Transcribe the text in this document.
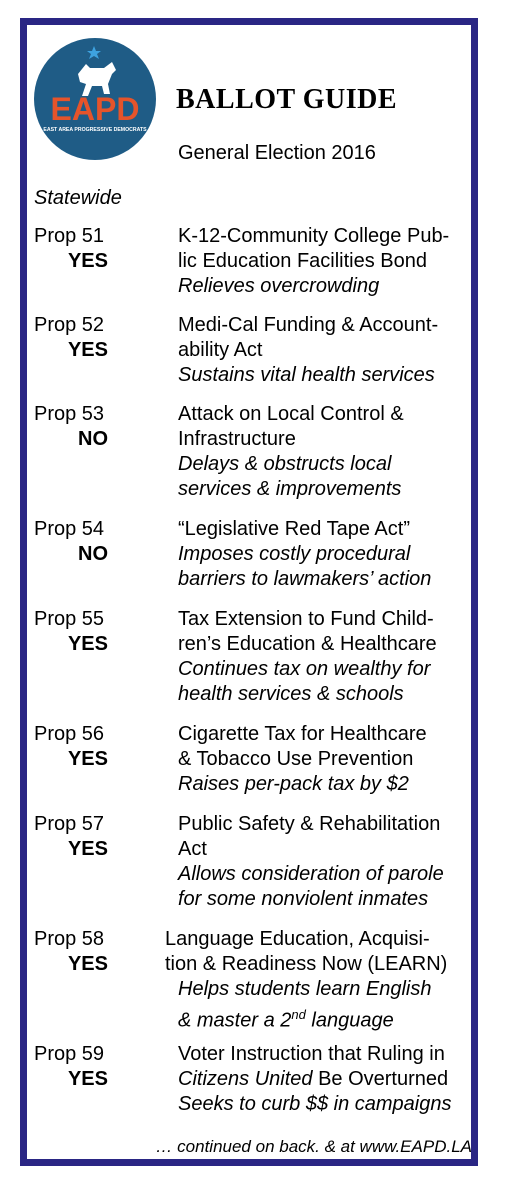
EAPD
EAST AREA PROGRESSIVE DEMOCRATS
BALLOT GUIDE
General Election 2016
Statewide
Prop 51
YES
K-12-Community College Pub-
lic Education Facilities Bond
Relieves overcrowding
Prop 52
YES
Medi-Cal Funding & Account-
ability Act
Sustains vital health services
Prop 53
NO
Attack on Local Control &
Infrastructure
Delays & obstructs local
services & improvements
Prop 54
NO
“Legislative Red Tape Act”
Imposes costly procedural
barriers to lawmakers’ action
Prop 55
YES
Tax Extension to Fund Child-
ren’s Education & Healthcare
Continues tax on wealthy for
health services & schools
Prop 56
YES
Cigarette Tax for Healthcare
& Tobacco Use Prevention
Raises per-pack tax by $2
Prop 57
YES
Public Safety & Rehabilitation
Act
Allows consideration of parole
for some nonviolent inmates
Prop 58
YES
Language Education, Acquisi-
tion & Readiness Now (LEARN)
Helps students learn English
& master a 2nd language
Prop 59
YES
Voter Instruction that Ruling in
Citizens United Be Overturned
Seeks to curb $$ in campaigns
… continued on back. & at www.EAPD.LA
